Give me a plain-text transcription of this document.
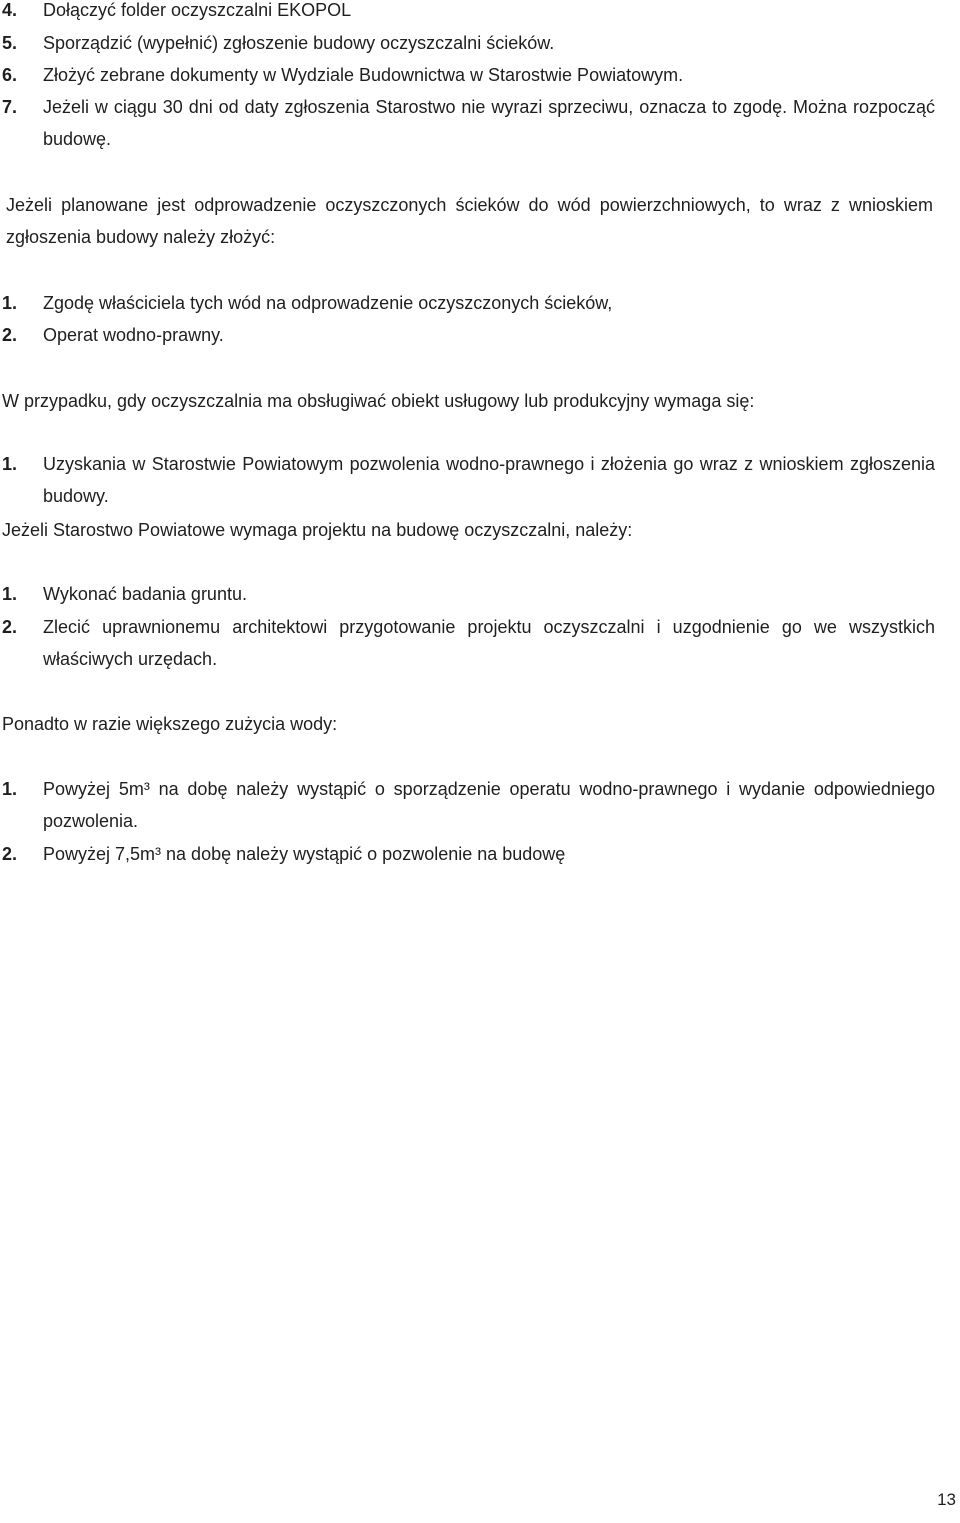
4. Dołączyć folder oczyszczalni EKOPOL
5. Sporządzić (wypełnić) zgłoszenie budowy oczyszczalni ścieków.
6. Złożyć zebrane dokumenty w Wydziale Budownictwa w Starostwie Powiatowym.
7. Jeżeli w ciągu 30 dni od daty zgłoszenia Starostwo nie wyrazi sprzeciwu, oznacza to zgodę. Można rozpocząć budowę.
Jeżeli planowane jest odprowadzenie oczyszczonych ścieków do wód powierzchniowych, to wraz z wnioskiem zgłoszenia budowy należy złożyć:
1. Zgodę właściciela tych wód na odprowadzenie oczyszczonych ścieków,
2. Operat wodno-prawny.
W przypadku, gdy oczyszczalnia ma obsługiwać obiekt usługowy lub produkcyjny wymaga się:
1. Uzyskania w Starostwie Powiatowym pozwolenia wodno-prawnego i złożenia go wraz z wnioskiem zgłoszenia budowy.
Jeżeli Starostwo Powiatowe wymaga projektu na budowę oczyszczalni, należy:
1. Wykonać badania gruntu.
2. Zlecić uprawnionemu architektowi przygotowanie projektu oczyszczalni i uzgodnienie go we wszystkich właściwych urzędach.
Ponadto w razie większego zużycia wody:
1. Powyżej 5m³ na dobę należy wystąpić o sporządzenie operatu wodno-prawnego i wydanie odpowiedniego pozwolenia.
2. Powyżej 7,5m³ na dobę należy wystąpić o pozwolenie na budowę
13
